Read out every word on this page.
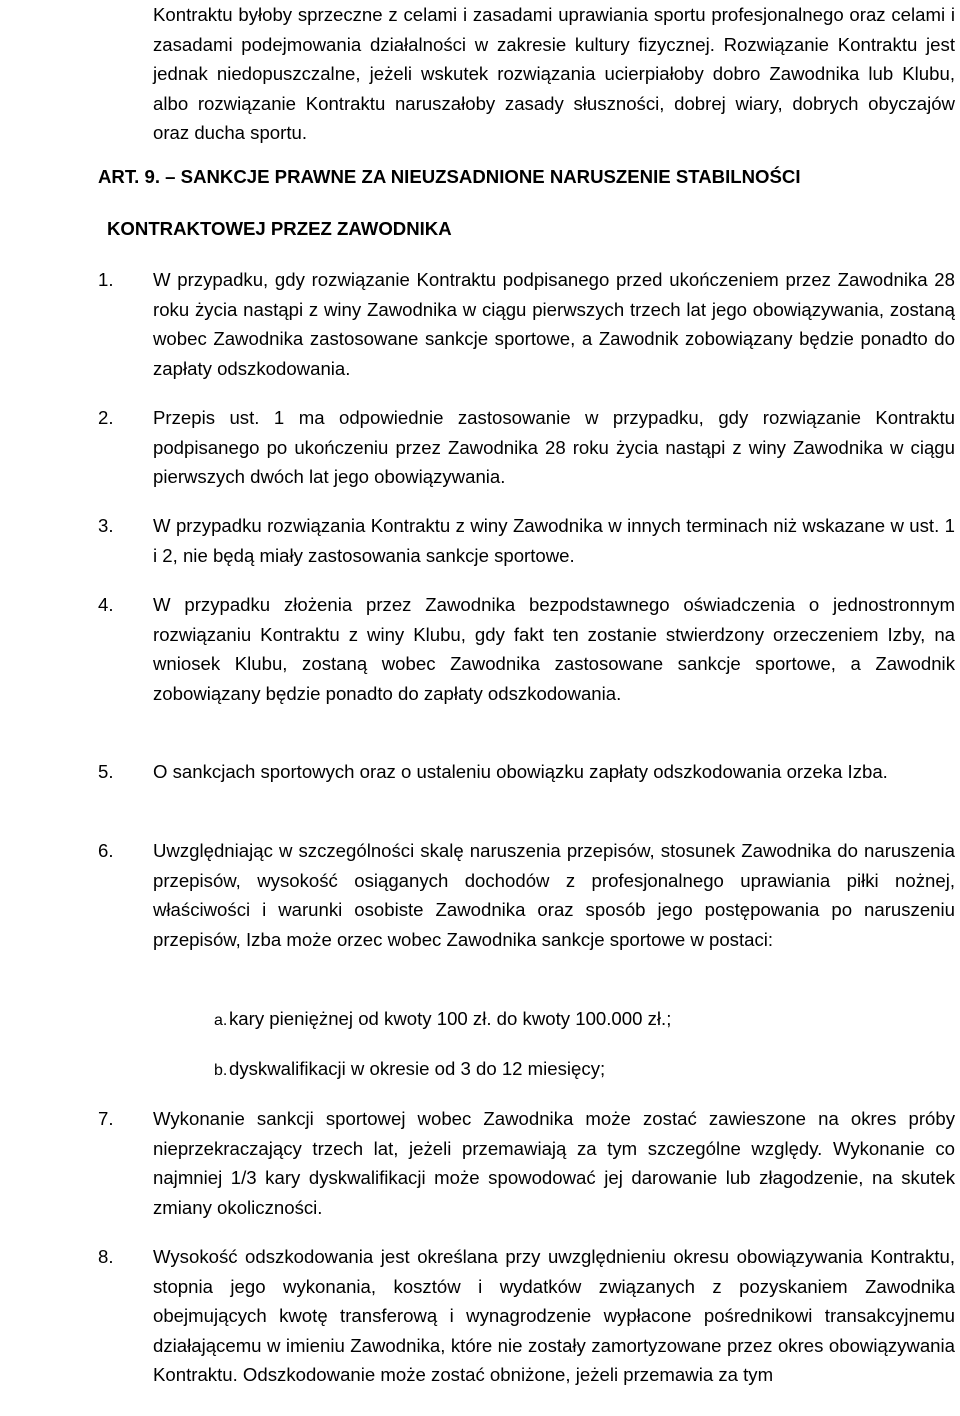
Kontraktu byłoby sprzeczne z celami i zasadami uprawiania sportu profesjonalnego oraz celami i zasadami podejmowania działalności w zakresie kultury fizycznej. Rozwiązanie Kontraktu jest jednak niedopuszczalne, jeżeli wskutek rozwiązania ucierpiałoby dobro Zawodnika lub Klubu, albo rozwiązanie Kontraktu naruszałoby zasady słuszności, dobrej wiary, dobrych obyczajów oraz ducha sportu.

ART. 9. – SANKCJE PRAWNE ZA NIEUZSADNIONE NARUSZENIE STABILNOŚCI

KONTRAKTOWEJ PRZEZ ZAWODNIKA

1. W przypadku, gdy rozwiązanie Kontraktu podpisanego przed ukończeniem przez Zawodnika 28 roku życia nastąpi z winy Zawodnika w ciągu pierwszych trzech lat jego obowiązywania, zostaną wobec Zawodnika zastosowane sankcje sportowe, a Zawodnik zobowiązany będzie ponadto do zapłaty odszkodowania.

2. Przepis ust. 1 ma odpowiednie zastosowanie w przypadku, gdy rozwiązanie Kontraktu podpisanego po ukończeniu przez Zawodnika 28 roku życia nastąpi z winy Zawodnika w ciągu pierwszych dwóch lat jego obowiązywania.

3. W przypadku rozwiązania Kontraktu z winy Zawodnika w innych terminach niż wskazane w ust. 1 i 2, nie będą miały zastosowania sankcje sportowe.

4. W przypadku złożenia przez Zawodnika bezpodstawnego oświadczenia o jednostronnym rozwiązaniu Kontraktu z winy Klubu, gdy fakt ten zostanie stwierdzony orzeczeniem Izby, na wniosek Klubu, zostaną wobec Zawodnika zastosowane sankcje sportowe, a Zawodnik zobowiązany będzie ponadto do zapłaty odszkodowania.

5. O sankcjach sportowych oraz o ustaleniu obowiązku zapłaty odszkodowania orzeka Izba.

6. Uwzględniając w szczególności skalę naruszenia przepisów, stosunek Zawodnika do naruszenia przepisów, wysokość osiąganych dochodów z profesjonalnego uprawiania piłki nożnej, właściwości i warunki osobiste Zawodnika oraz sposób jego postępowania po naruszeniu przepisów, Izba może orzec wobec Zawodnika sankcje sportowe w postaci:

a.kary pieniężnej od kwoty 100 zł. do kwoty 100.000 zł.;
b.dyskwalifikacji w okresie od 3 do 12 miesięcy;
7. Wykonanie sankcji sportowej wobec Zawodnika może zostać zawieszone na okres próby nieprzekraczający trzech lat, jeżeli przemawiają za tym szczególne względy. Wykonanie co najmniej 1/3 kary dyskwalifikacji może spowodować jej darowanie lub złagodzenie, na skutek zmiany okoliczności.

8. Wysokość odszkodowania jest określana przy uwzględnieniu okresu obowiązywania Kontraktu, stopnia jego wykonania, kosztów i wydatków związanych z pozyskaniem Zawodnika obejmujących kwotę transferową i wynagrodzenie wypłacone pośrednikowi transakcyjnemu działającemu w imieniu Zawodnika, które nie zostały zamortyzowane przez okres obowiązywania Kontraktu. Odszkodowanie może zostać obniżone, jeżeli przemawia za tym
